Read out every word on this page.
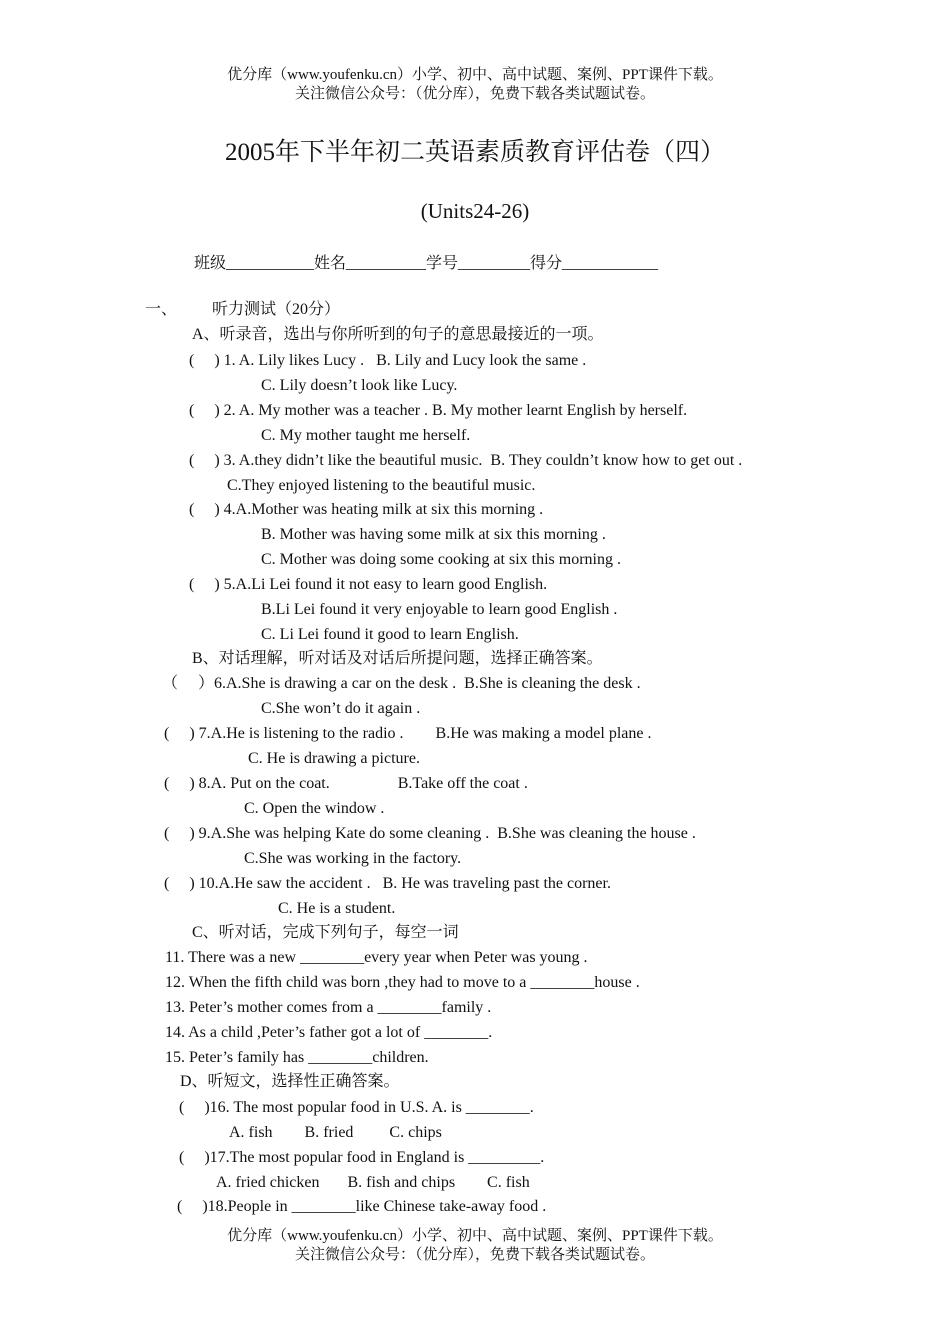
优分库（www.youfenku.cn）小学、初中、高中试题、案例、PPT课件下载。
关注微信公众号：（优分库），免费下载各类试题试卷。
2005年下半年初二英语素质教育评估卷（四）
(Units24-26)
班级___________姓名__________学号_________得分____________
一、 听力测试（20分）
A、听录音，选出与你所听到的句子的意思最接近的一项。
(     ) 1. A. Lily likes Lucy .   B. Lily and Lucy look the same .
C. Lily doesn’t look like Lucy.
(     ) 2. A. My mother was a teacher . B. My mother learnt English by herself.
C. My mother taught me herself.
(     ) 3. A.they didn’t like the beautiful music.  B. They couldn’t know how to get out .
C.They enjoyed listening to the beautiful music.
(     ) 4.A.Mother was heating milk at six this morning .
B. Mother was having some milk at six this morning .
C. Mother was doing some cooking at six this morning .
(     ) 5.A.Li Lei found it not easy to learn good English.
B.Li Lei found it very enjoyable to learn good English .
C. Li Lei found it good to learn English.
B、对话理解，听对话及对话后所提问题，选择正确答案。
（     ）6.A.She is drawing a car on the desk .  B.She is cleaning the desk .
C.She won’t do it again .
(     ) 7.A.He is listening to the radio .        B.He was making a model plane .
C. He is drawing a picture.
(     ) 8.A. Put on the coat.                 B.Take off the coat .
C. Open the window .
(     ) 9.A.She was helping Kate do some cleaning .  B.She was cleaning the house .
C.She was working in the factory.
(     ) 10.A.He saw the accident .   B. He was traveling past the corner.
C. He is a student.
C、听对话，完成下列句子，每空一词
11. There was a new ________every year when Peter was young .
12. When the fifth child was born ,they had to move to a ________house .
13. Peter’s mother comes from a ________family .
14. As a child ,Peter’s father got a lot of ________.
15. Peter’s family has ________children.
D、听短文，选择性正确答案。
(     )16. The most popular food in U.S. A. is ________.
A. fish        B. fried         C. chips
(     )17.The most popular food in England is _________.
A. fried chicken       B. fish and chips        C. fish
(     )18.People in ________like Chinese take-away food .
优分库（www.youfenku.cn）小学、初中、高中试题、案例、PPT课件下载。
关注微信公众号：（优分库），免费下载各类试题试卷。
